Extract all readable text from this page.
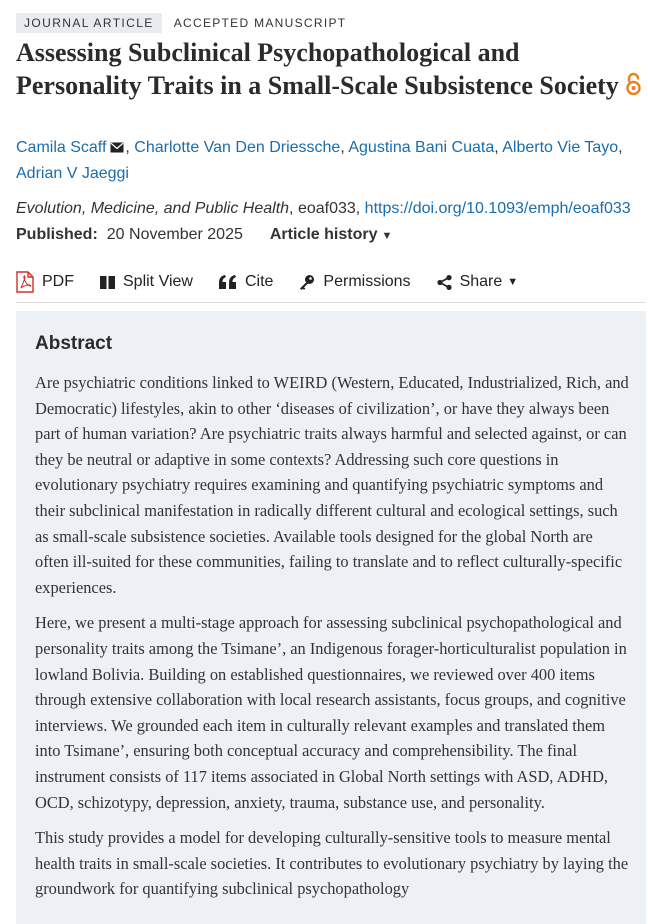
JOURNAL ARTICLE	ACCEPTED MANUSCRIPT
Assessing Subclinical Psychopathological and Personality Traits in a Small-Scale Subsistence Society
Camila Scaff , Charlotte Van Den Driessche, Agustina Bani Cuata, Alberto Vie Tayo,
Adrian V Jaeggi
Evolution, Medicine, and Public Health, eoaf033, https://doi.org/10.1093/emph/eoaf033
Published: 20 November 2025 Article history ▼
PDF	Split View	Cite	Permissions	Share ▼
Abstract

Are psychiatric conditions linked to WEIRD (Western, Educated, Industrialized, Rich, and Democratic) lifestyles, akin to other ‘diseases of civilization’, or have they always been part of human variation? Are psychiatric traits always harmful and selected against, or can they be neutral or adaptive in some contexts? Addressing such core questions in evolutionary psychiatry requires examining and quantifying psychiatric symptoms and their subclinical manifestation in radically different cultural and ecological settings, such as small-scale subsistence societies. Available tools designed for the global North are often ill-suited for these communities, failing to translate and to reflect culturally-specific experiences.

Here, we present a multi-stage approach for assessing subclinical psychopathological and personality traits among the Tsimane’, an Indigenous forager-horticulturalist population in lowland Bolivia. Building on established questionnaires, we reviewed over 400 items through extensive collaboration with local research assistants, focus groups, and cognitive interviews. We grounded each item in culturally relevant examples and translated them into Tsimane’, ensuring both conceptual accuracy and comprehensibility. The final instrument consists of 117 items associated in Global North settings with ASD, ADHD, OCD, schizotypy, depression, anxiety, trauma, substance use, and personality.

This study provides a model for developing culturally-sensitive tools to measure mental health traits in small-scale societies. It contributes to evolutionary psychiatry by laying the groundwork for quantifying subclinical psychopathology
